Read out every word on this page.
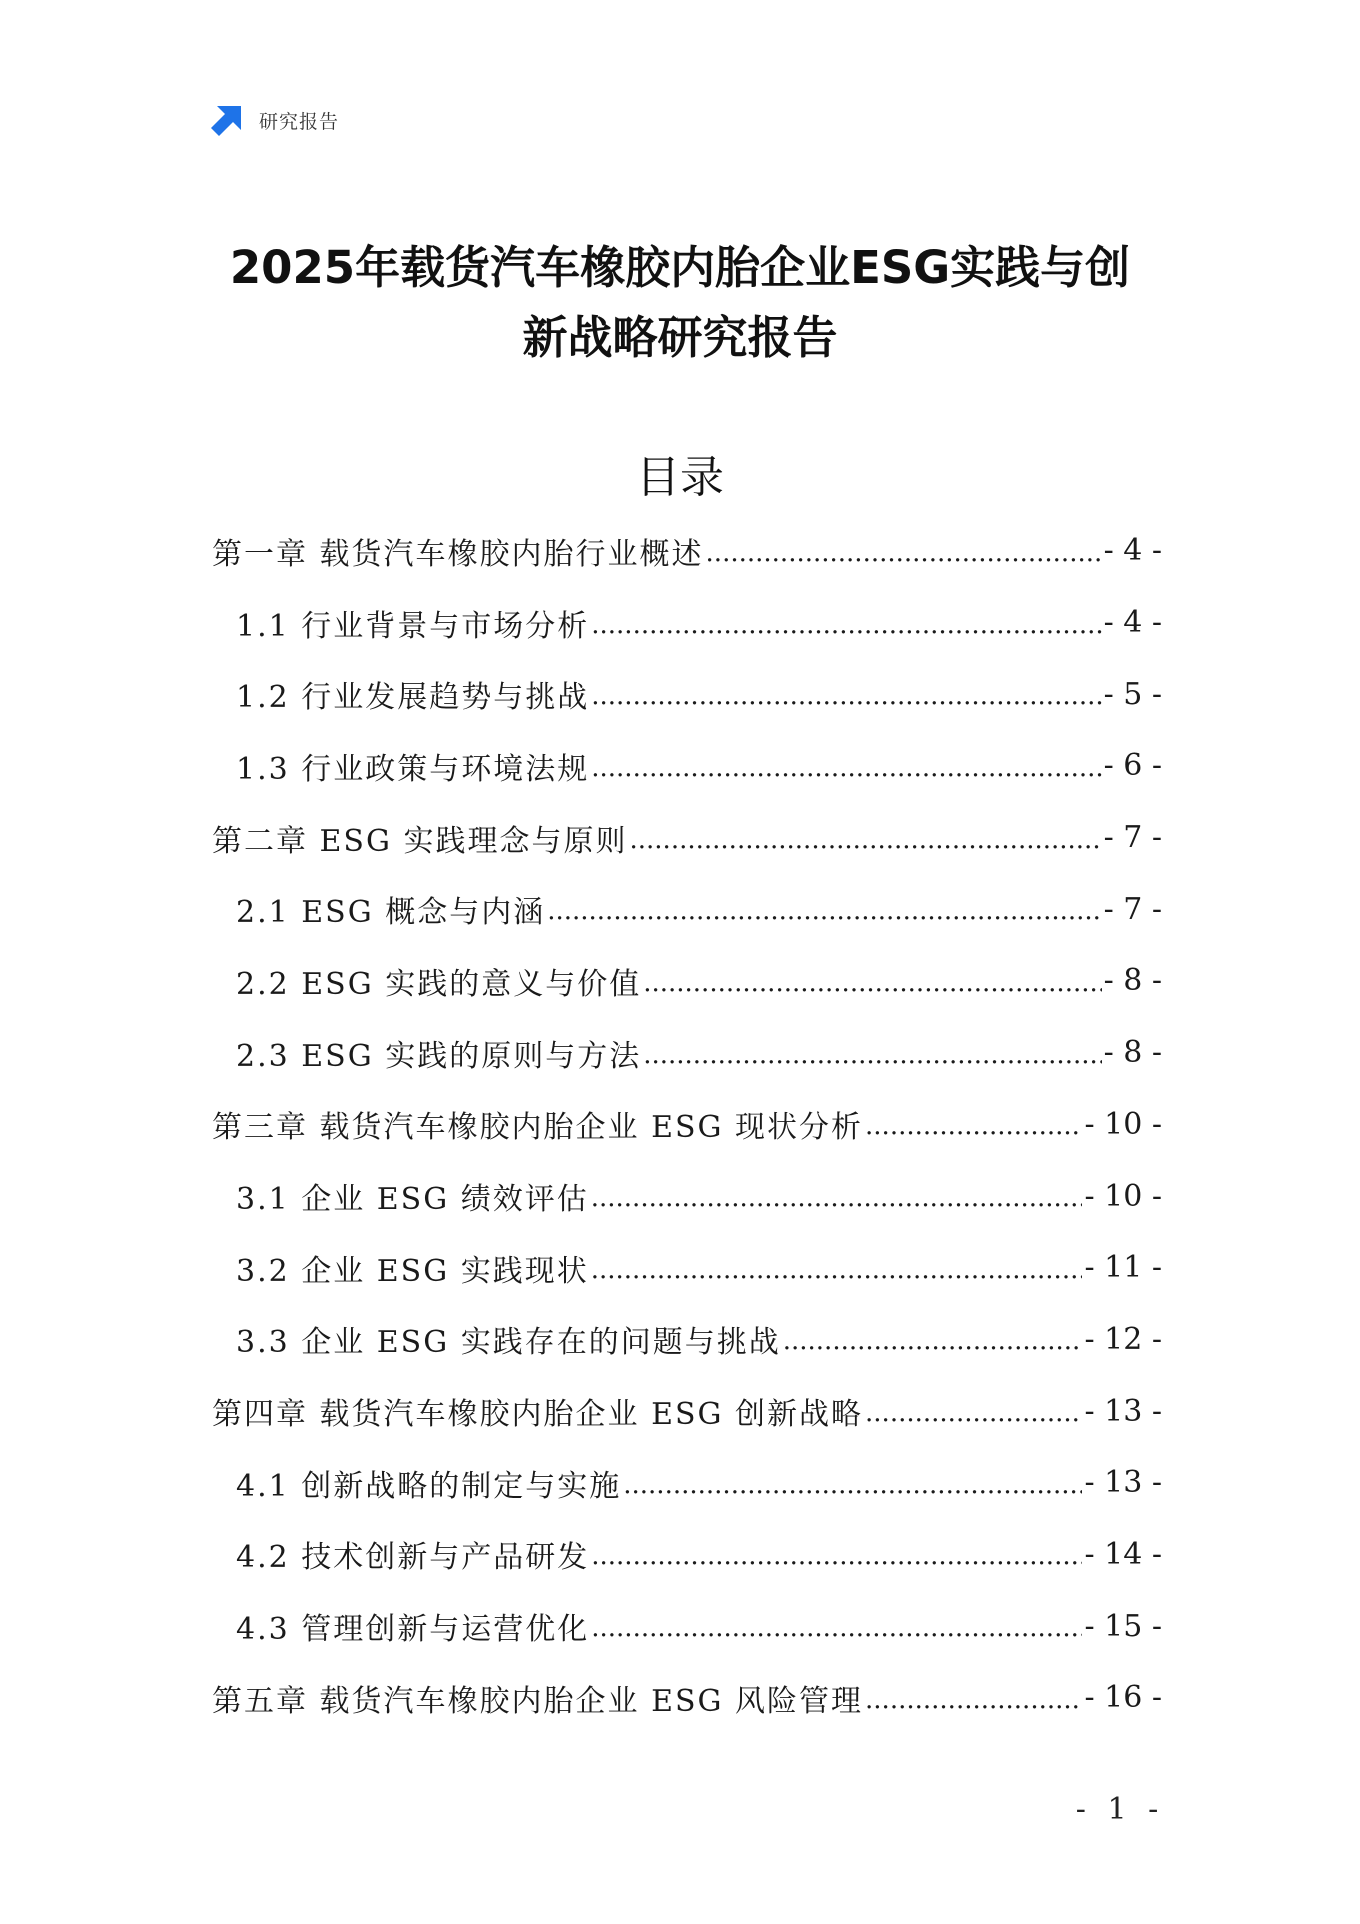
研究报告
2025年载货汽车橡胶内胎企业ESG实践与创
新战略研究报告
目录
第一章 载货汽车橡胶内胎行业概述 .....	- 4 -
1.1 行业背景与市场分析 .....	- 4 -
1.2 行业发展趋势与挑战 .....	- 5 -
1.3 行业政策与环境法规 .....	- 6 -
第二章 ESG 实践理念与原则 .....	- 7 -
2.1 ESG 概念与内涵 .....	- 7 -
2.2 ESG 实践的意义与价值 .....	- 8 -
2.3 ESG 实践的原则与方法 .....	- 8 -
第三章 载货汽车橡胶内胎企业 ESG 现状分析 .....	- 10 -
3.1 企业 ESG 绩效评估 .....	- 10 -
3.2 企业 ESG 实践现状 .....	- 11 -
3.3 企业 ESG 实践存在的问题与挑战 .....	- 12 -
第四章 载货汽车橡胶内胎企业 ESG 创新战略 .....	- 13 -
4.1 创新战略的制定与实施 .....	- 13 -
4.2 技术创新与产品研发 .....	- 14 -
4.3 管理创新与运营优化 .....	- 15 -
第五章 载货汽车橡胶内胎企业 ESG 风险管理 .....	- 16 -
- 1 -
